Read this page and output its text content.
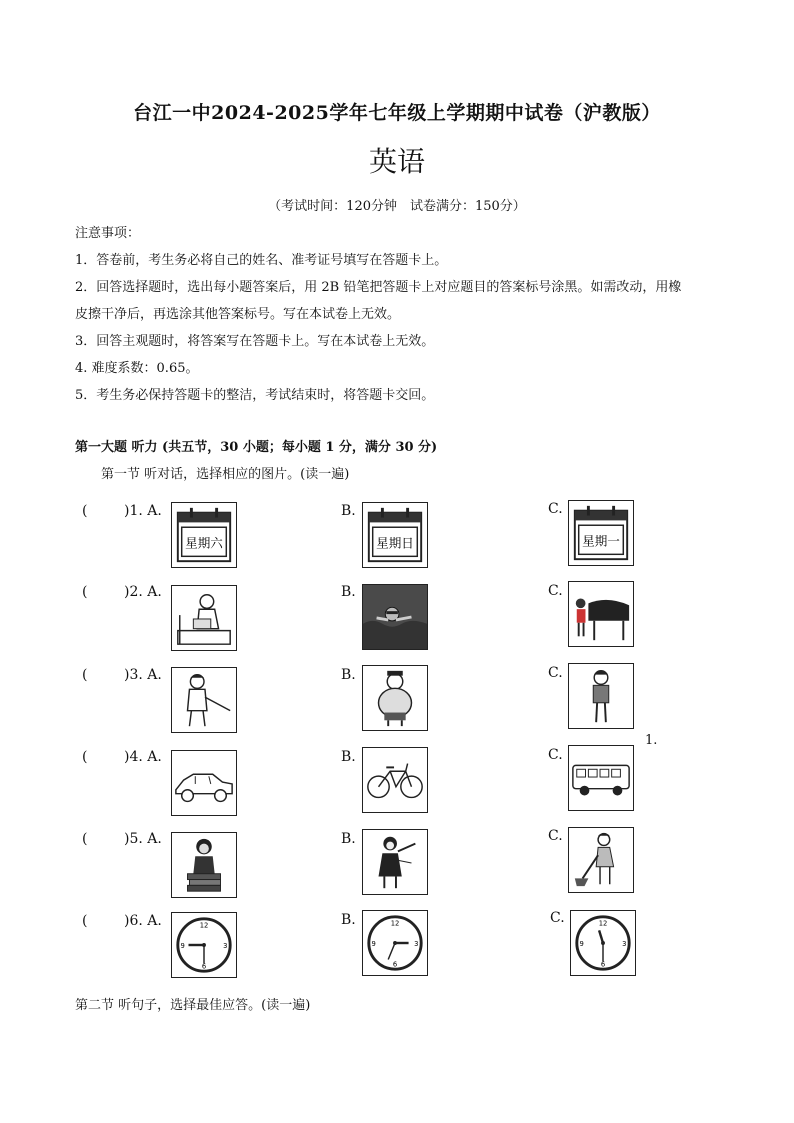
台江一中2024-2025学年七年级上学期期中试卷（沪教版）
英语
（考试时间：120分钟　试卷满分：150分）
注意事项：
1．答卷前，考生务必将自己的姓名、准考证号填写在答题卡上。
2．回答选择题时，选出每小题答案后，用 2B 铅笔把答题卡上对应题目的答案标号涂黑。如需改动，用橡
皮擦干净后，再选涂其他答案标号。写在本试卷上无效。
3．回答主观题时，将答案写在答题卡上。写在本试卷上无效。
4. 难度系数：0.65。
5．考生务必保持答题卡的整洁，考试结束时，将答题卡交回。
第一大题 听力 (共五节，30 小题；每小题 1 分，满分 30 分)
第一节 听对话，选择相应的图片。(读一遍)
(	)1. A.
星期六
B.
星期日
C.
星期一
(	)2. A.	B.	C.
(	)3. A.	B.	C.
(	)4. A.	B.	C.
1.
(	)5. A.	B.	C.
(	)6. A.	12
3
6
9
B.	12
3
6
9
C.	12
3
6
9
第二节 听句子，选择最佳应答。(读一遍)
